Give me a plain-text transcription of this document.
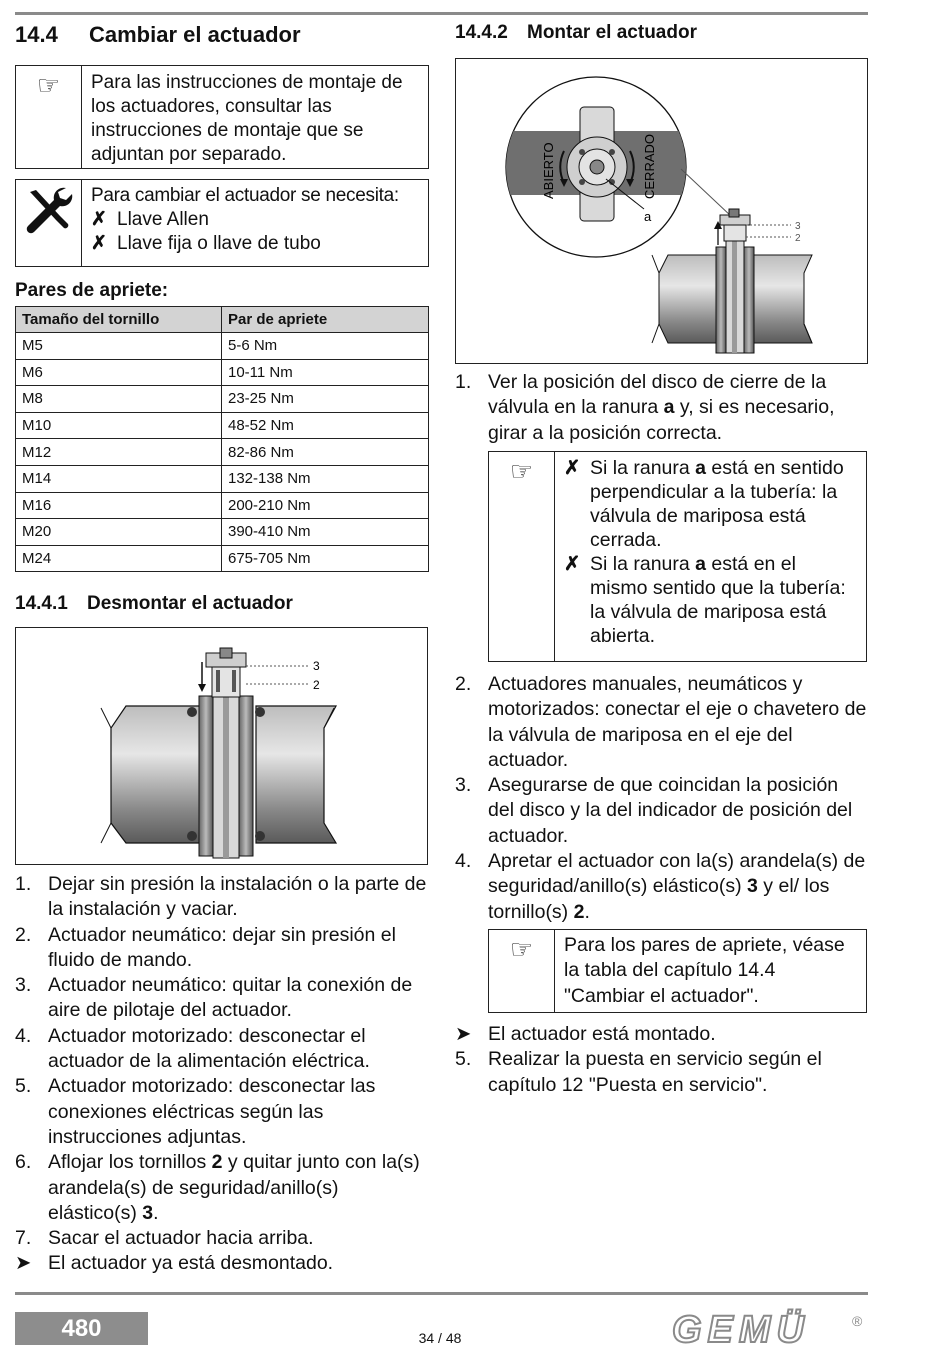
14.4 Cambiar el actuador
☞	Para las instrucciones de montaje de los actuadores, consultar las instrucciones de montaje que se adjuntan por separado.
Para cambiar el actuador se necesita:
✗ Llave Allen
✗ Llave fija o llave de tubo
Pares de apriete:
Tamaño del tornillo	Par de apriete
M5	5-6 Nm
M6	10-11 Nm
M8	23-25 Nm
M10	48-52 Nm
M12	82-86 Nm
M14	132-138 Nm
M16	200-210 Nm
M20	390-410 Nm
M24	675-705 Nm
14.4.1 Desmontar el actuador
3
2
1. Dejar sin presión la instalación o la parte de la instalación y vaciar.
2. Actuador neumático: dejar sin presión el fluido de mando.
3. Actuador neumático: quitar la conexión de aire de pilotaje del actuador.
4. Actuador motorizado: desconectar el actuador de la alimentación eléctrica.
5. Actuador motorizado: desconectar las conexiones eléctricas según las instrucciones adjuntas.
6. Aflojar los tornillos 2 y quitar junto con la(s) arandela(s) de seguridad/anillo(s) elástico(s) 3.
7. Sacar el actuador hacia arriba.
➤ El actuador ya está desmontado.
14.4.2 Montar el actuador
ABIERTO	CERRADO
a
3
2
1. Ver la posición del disco de cierre de la válvula en la ranura a y, si es necesario, girar a la posición correcta.
☞ ✗ Si la ranura a está en sentido perpendicular a la tubería: la válvula de mariposa está cerrada.
✗ Si la ranura a está en el mismo sentido que la tubería: la válvula de mariposa está abierta.
2. Actuadores manuales, neumáticos y motorizados: conectar el eje o chavetero de la válvula de mariposa en el eje del actuador.
3. Asegurarse de que coincidan la posición del disco y la del indicador de posición del actuador.
4. Apretar el actuador con la(s) arandela(s) de seguridad/anillo(s) elástico(s) 3 y el/ los tornillo(s) 2.
☞	Para los pares de apriete, véase la tabla del capítulo 14.4 "Cambiar el actuador".
➤ El actuador está montado.
5. Realizar la puesta en servicio según el capítulo 12 "Puesta en servicio".
480	34 / 48	GEMÜ	®
